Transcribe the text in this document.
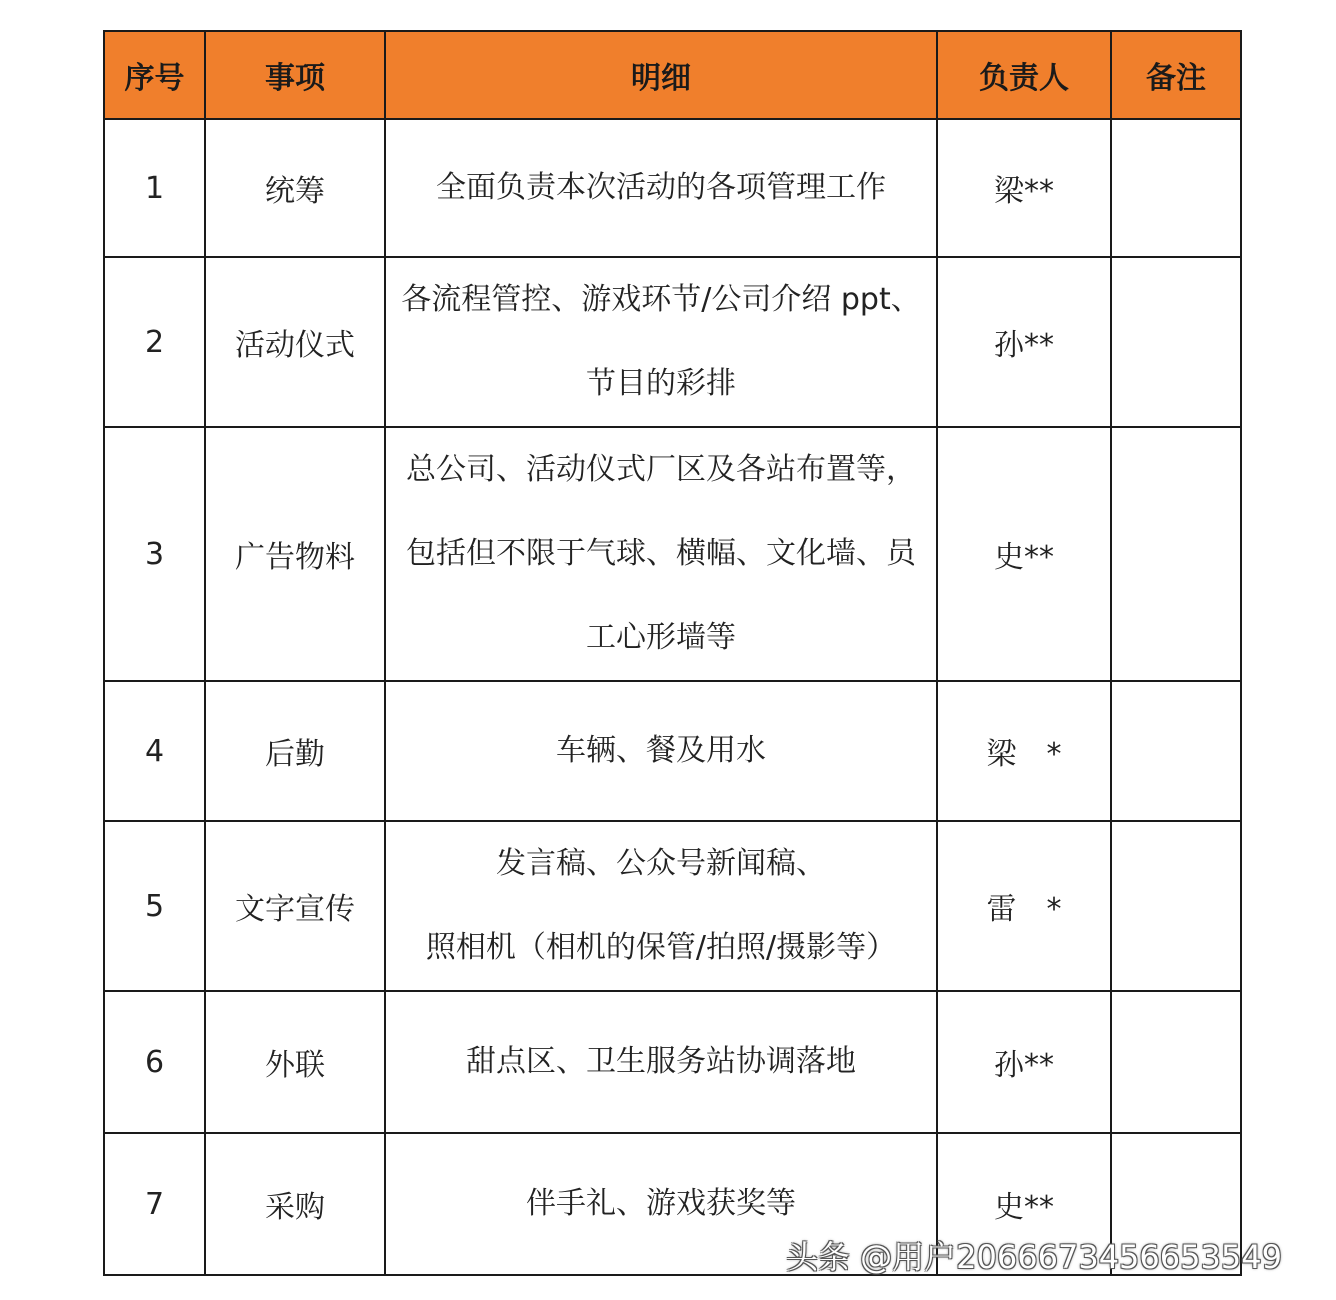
序号	事项	明细	负责人	备注
1	统筹	全面负责本次活动的各项管理工作	梁**	
2	活动仪式	各流程管控、游戏环节/公司介绍 ppt、
节目的彩排	孙**	
3	广告物料	总公司、活动仪式厂区及各站布置等，
包括但不限于气球、横幅、文化墙、员
工心形墙等	史**	
4	后勤	车辆、餐及用水	梁　*	
5	文字宣传	发言稿、公众号新闻稿、
照相机（相机的保管/拍照/摄影等）	雷　*	
6	外联	甜点区、卫生服务站协调落地	孙**	
7	采购	伴手礼、游戏获奖等	史**	
头条 @用户2066673456653549
